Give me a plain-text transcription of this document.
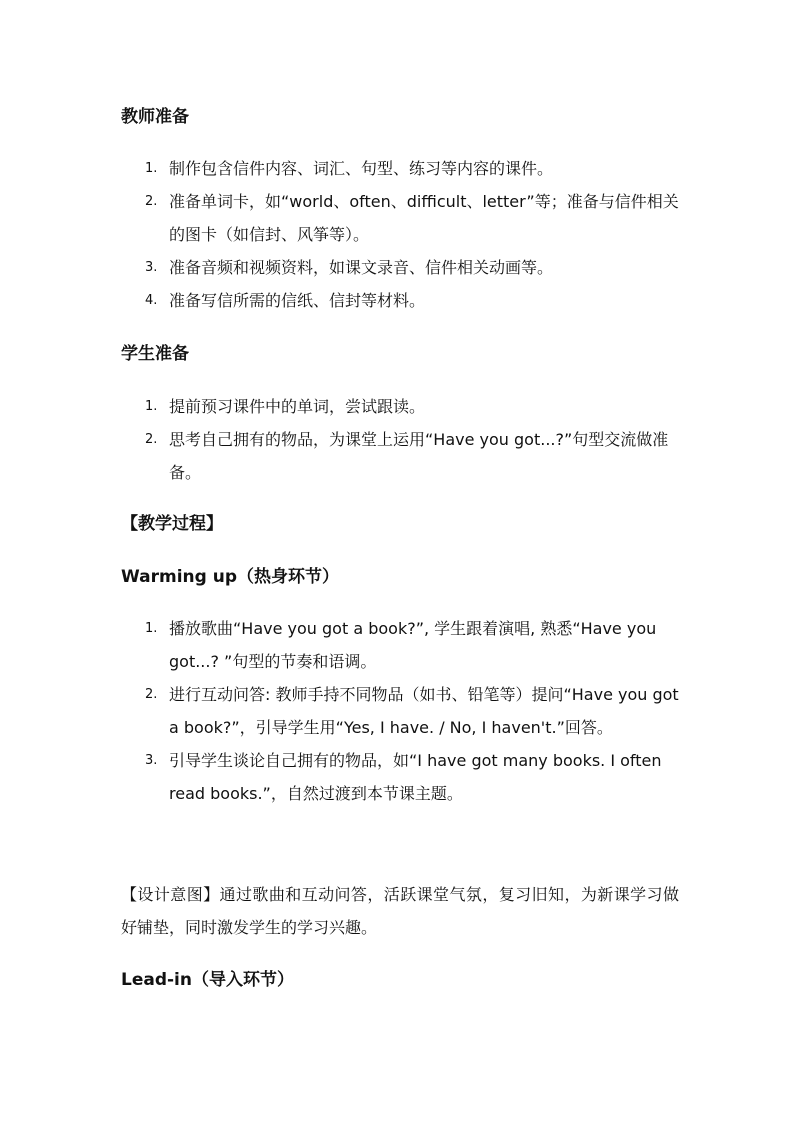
教师准备
1. 制作包含信件内容、词汇、句型、练习等内容的课件。
2. 准备单词卡，如“world、often、difficult、letter”等；准备与信件相关的图卡（如信封、风筝等）。
3. 准备音频和视频资料，如课文录音、信件相关动画等。
4. 准备写信所需的信纸、信封等材料。
学生准备
1. 提前预习课件中的单词，尝试跟读。
2. 思考自己拥有的物品，为课堂上运用“Have you got...?”句型交流做准备。
【教学过程】
Warming up（热身环节）
1. 播放歌曲“Have you got a book?”, 学生跟着演唱, 熟悉“Have you got...? ”句型的节奏和语调。
2. 进行互动问答: 教师手持不同物品（如书、铅笔等）提问“Have you got a book?”，引导学生用“Yes, I have. / No, I haven't.”回答。
3. 引导学生谈论自己拥有的物品，如“I have got many books. I often read books.”，自然过渡到本节课主题。
【设计意图】通过歌曲和互动问答，活跃课堂气氛，复习旧知，为新课学习做好铺垫，同时激发学生的学习兴趣。
Lead-in（导入环节）
